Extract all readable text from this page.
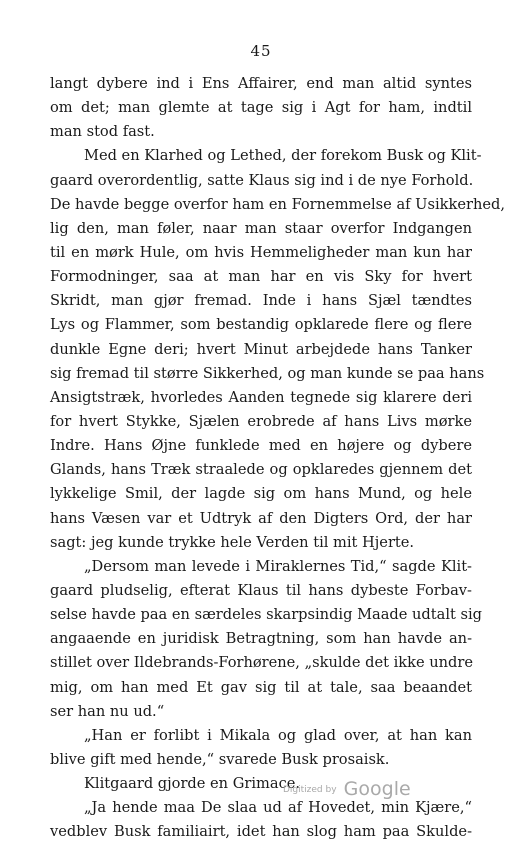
45
langt dybere ind i Ens Affairer, end man altid syntes
om det; man glemte at tage sig i Agt for ham, indtil
man stod fast.
Med en Klarhed og Lethed, der forekom Busk og Klit-
gaard overordentlig, satte Klaus sig ind i de nye Forhold.
De havde begge overfor ham en Fornemmelse af Usikkerhed,
lig den, man føler, naar man staar overfor Indgangen
til en mørk Hule, om hvis Hemmeligheder man kun har
Formodninger, saa at man har en vis Sky for hvert
Skridt, man gjør fremad. Inde i hans Sjæl tændtes
Lys og Flammer, som bestandig opklarede flere og flere
dunkle Egne deri; hvert Minut arbejdede hans Tanker
sig fremad til større Sikkerhed, og man kunde se paa hans
Ansigtstræk, hvorledes Aanden tegnede sig klarere deri
for hvert Stykke, Sjælen erobrede af hans Livs mørke
Indre. Hans Øjne funklede med en højere og dybere
Glands, hans Træk straalede og opklaredes gjennem det
lykkelige Smil, der lagde sig om hans Mund, og hele
hans Væsen var et Udtryk af den Digters Ord, der har
sagt: jeg kunde trykke hele Verden til mit Hjerte.
„Dersom man levede i Miraklernes Tid,“ sagde Klit-
gaard pludselig, efterat Klaus til hans dybeste Forbav-
selse havde paa en særdeles skarpsindig Maade udtalt sig
angaaende en juridisk Betragtning, som han havde an-
stillet over Ildebrands-Forhørene, „skulde det ikke undre
mig, om han med Et gav sig til at tale, saa beaandet
ser han nu ud.“
„Han er forlibt i Mikala og glad over, at han kan
blive gift med hende,“ svarede Busk prosaisk.
Klitgaard gjorde en Grimace.
„Ja hende maa De slaa ud af Hovedet, min Kjære,“
vedblev Busk familiairt, idet han slog ham paa Skulde-
Digitized by Google
